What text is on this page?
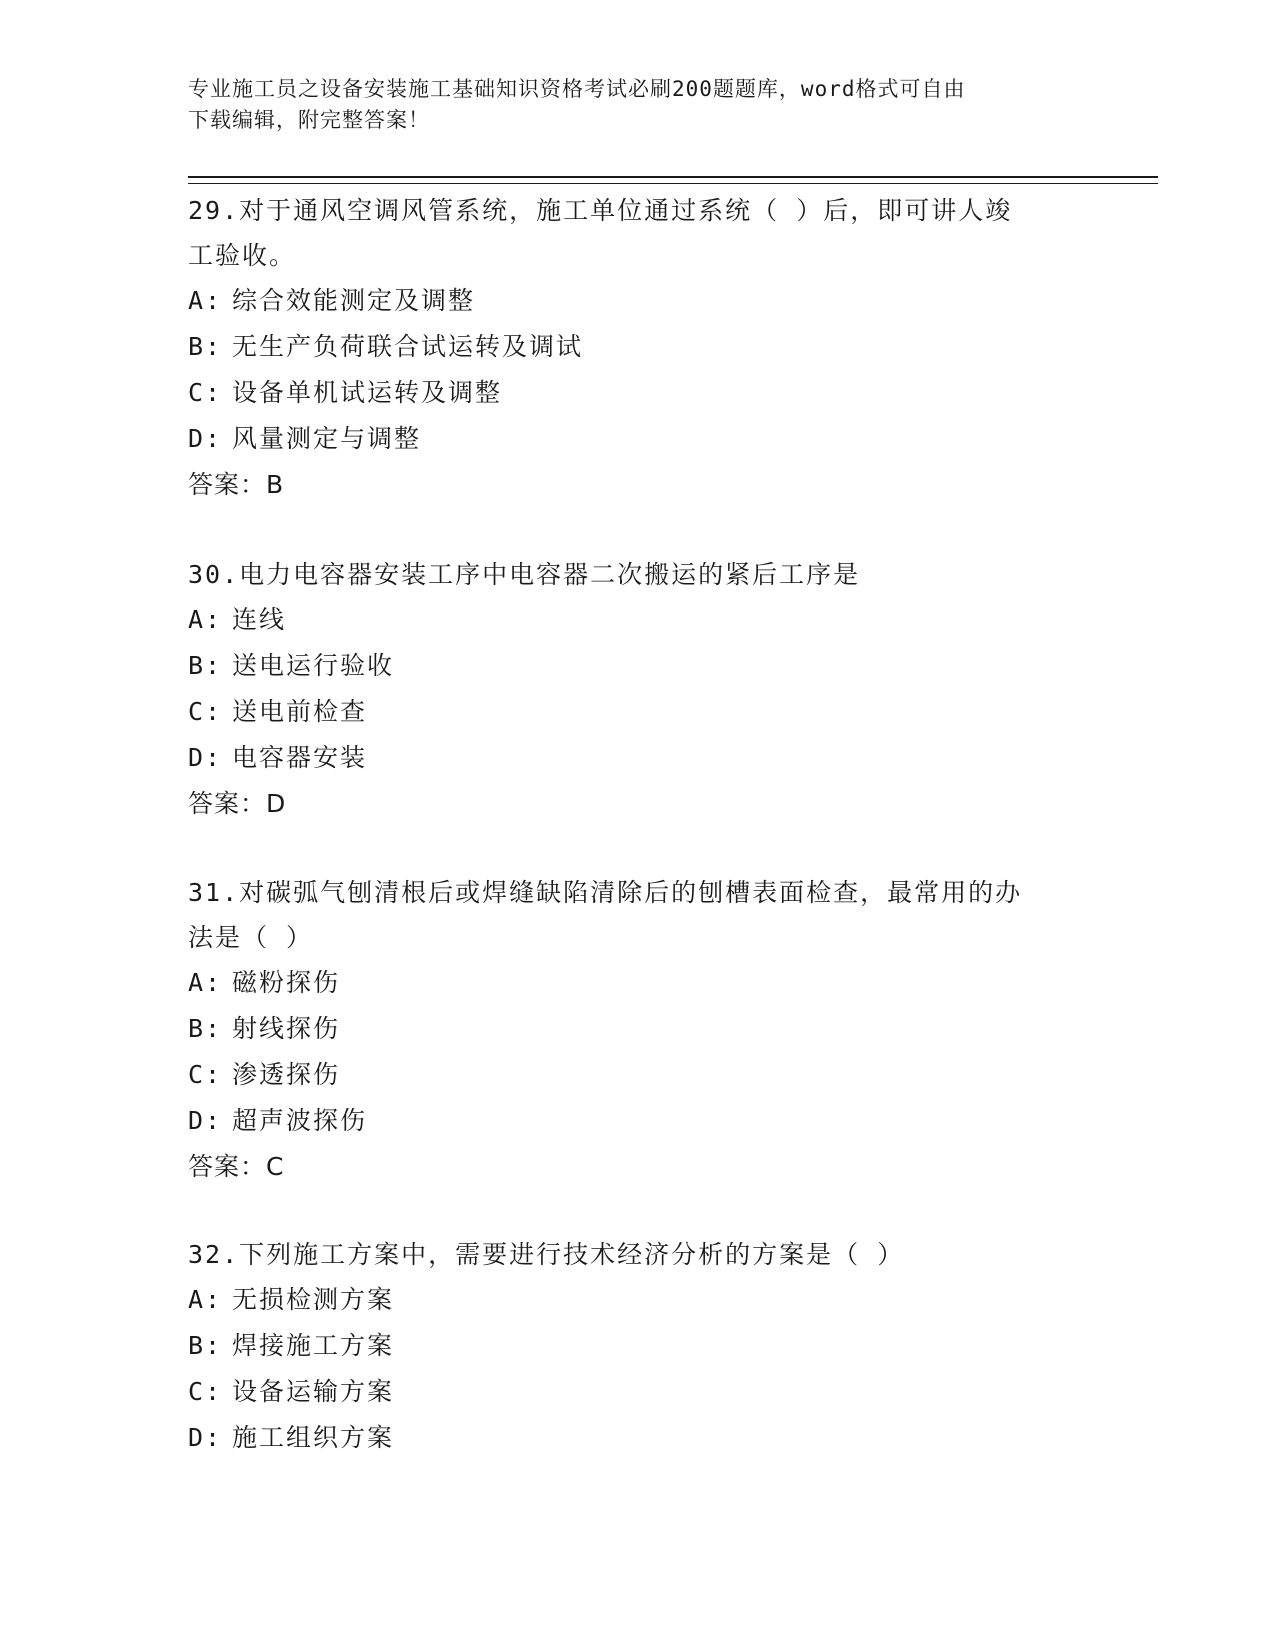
专业施工员之设备安装施工基础知识资格考试必刷200题题库，word格式可自由
下载编辑，附完整答案！

29.对于通风空调风管系统，施工单位通过系统（ ）后，即可讲人竣

工验收。

A: 综合效能测定及调整

B: 无生产负荷联合试运转及调试

C: 设备单机试运转及调整

D: 风量测定与调整

答案：B

30.电力电容器安装工序中电容器二次搬运的紧后工序是

A: 连线

B: 送电运行验收

C: 送电前检查

D: 电容器安装

答案：D

31.对碳弧气刨清根后或焊缝缺陷清除后的刨槽表面检查，最常用的办

法是（ ）

A: 磁粉探伤

B: 射线探伤

C: 渗透探伤

D: 超声波探伤

答案：C

32.下列施工方案中，需要进行技术经济分析的方案是（ ）

A: 无损检测方案

B: 焊接施工方案

C: 设备运输方案

D: 施工组织方案
